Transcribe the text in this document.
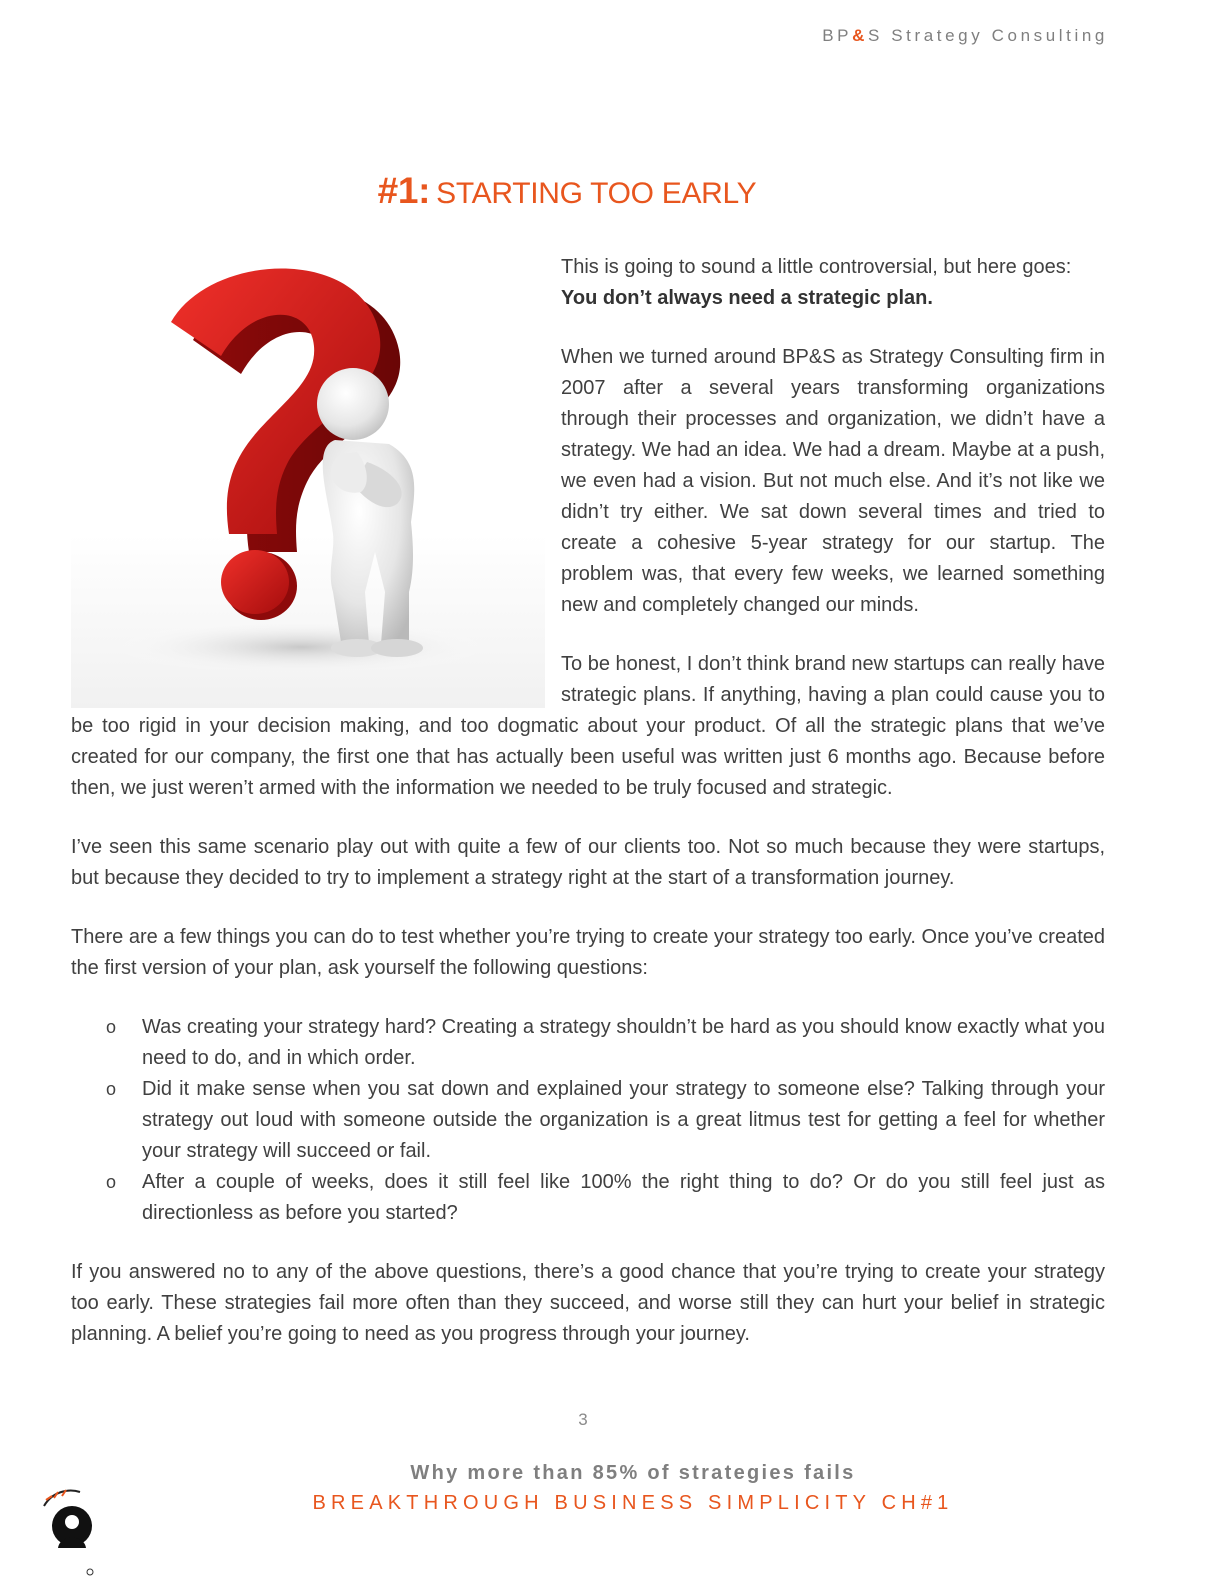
BP&S Strategy Consulting
#1: STARTING TOO EARLY

This is going to sound a little controversial, but here goes:
You don’t always need a strategic plan.

When we turned around BP&S as Strategy Consulting firm in 2007 after a several years transforming organizations through their processes and organization, we didn’t have a strategy. We had an idea. We had a dream. Maybe at a push, we even had a vision. But not much else. And it’s not like we didn’t try either. We sat down several times and tried to create a cohesive 5-year strategy for our startup. The problem was, that every few weeks, we learned something new and completely changed our minds.

To be honest, I don’t think brand new startups can really have strategic plans. If anything, having a plan could cause you to be too rigid in your decision making, and too dogmatic about your product. Of all the strategic plans that we’ve created for our company, the first one that has actually been useful was written just 6 months ago. Because before then, we just weren’t armed with the information we needed to be truly focused and strategic.

I’ve seen this same scenario play out with quite a few of our clients too. Not so much because they were startups, but because they decided to try to implement a strategy right at the start of a transformation journey.

There are a few things you can do to test whether you’re trying to create your strategy too early. Once you’ve created the first version of your plan, ask yourself the following questions:

o Was creating your strategy hard? Creating a strategy shouldn’t be hard as you should know exactly what you need to do, and in which order.
o Did it make sense when you sat down and explained your strategy to someone else? Talking through your strategy out loud with someone outside the organization is a great litmus test for getting a feel for whether your strategy will succeed or fail.
o After a couple of weeks, does it still feel like 100% the right thing to do? Or do you still feel just as directionless as before you started?

If you answered no to any of the above questions, there’s a good chance that you’re trying to create your strategy too early. These strategies fail more often than they succeed, and worse still they can hurt your belief in strategic planning. A belief you’re going to need as you progress through your journey.

3
Why more than 85% of strategies fails
BREAKTHROUGH BUSINESS SIMPLICITY CH#1
